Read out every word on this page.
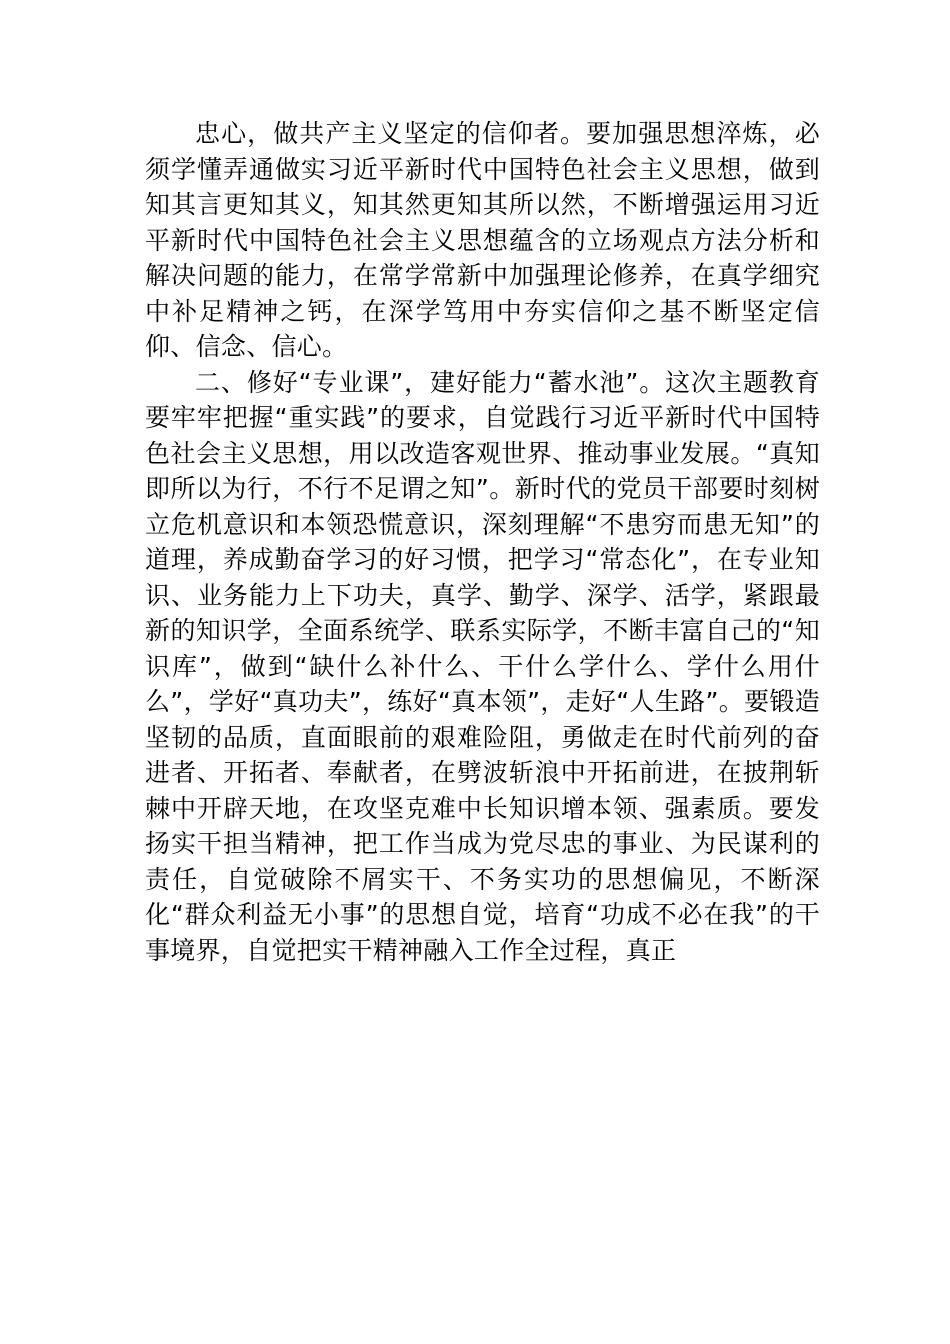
忠心，做共产主义坚定的信仰者。要加强思想淬炼，必须学懂弄通做实习近平新时代中国特色社会主义思想，做到知其言更知其义，知其然更知其所以然，不断增强运用习近平新时代中国特色社会主义思想蕴含的立场观点方法分析和解决问题的能力，在常学常新中加强理论修养，在真学细究中补足精神之钙，在深学笃用中夯实信仰之基不断坚定信仰、信念、信心。

二、修好“专业课”，建好能力“蓄水池”。这次主题教育要牢牢把握“重实践”的要求，自觉践行习近平新时代中国特色社会主义思想，用以改造客观世界、推动事业发展。“真知即所以为行，不行不足谓之知”。新时代的党员干部要时刻树立危机意识和本领恐慌意识，深刻理解“不患穷而患无知”的道理，养成勤奋学习的好习惯，把学习“常态化”，在专业知识、业务能力上下功夫，真学、勤学、深学、活学，紧跟最新的知识学，全面系统学、联系实际学，不断丰富自己的“知识库”，做到“缺什么补什么、干什么学什么、学什么用什么”，学好“真功夫”，练好“真本领”，走好“人生路”。要锻造坚韧的品质，直面眼前的艰难险阻，勇做走在时代前列的奋进者、开拓者、奉献者，在劈波斩浪中开拓前进，在披荆斩棘中开辟天地，在攻坚克难中长知识增本领、强素质。要发扬实干担当精神，把工作当成为党尽忠的事业、为民谋利的责任，自觉破除不屑实干、不务实功的思想偏见，不断深化“群众利益无小事”的思想自觉，培育“功成不必在我”的干事境界，自觉把实干精神融入工作全过程，真正
